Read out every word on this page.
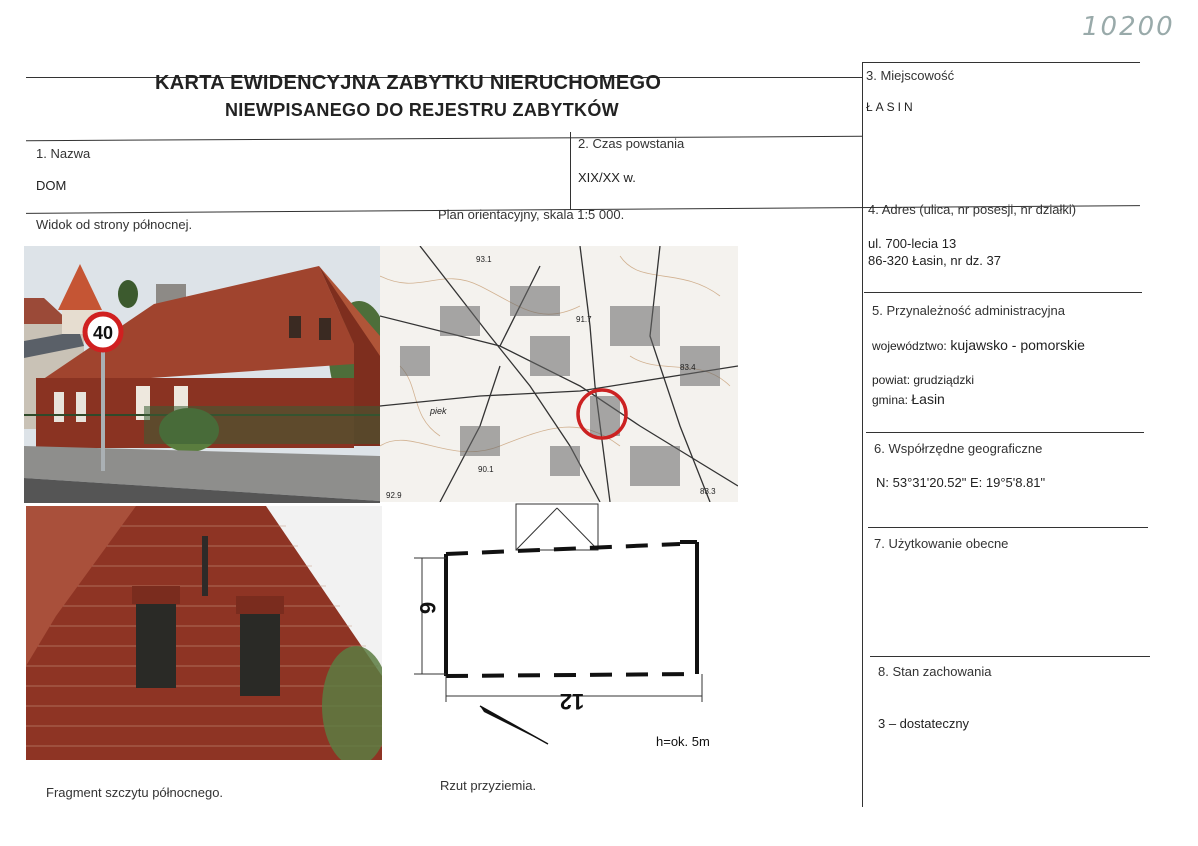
10200
KARTA EWIDENCYJNA ZABYTKU NIERUCHOMEGO
NIEWPISANEGO DO REJESTRU ZABYTKÓW
1. Nazwa
DOM
2. Czas powstania
XIX/XX w.
3. Miejscowość
ŁASIN
4. Adres (ulica, nr posesji, nr działki)
ul. 700-lecia 13
86-320 Łasin, nr dz. 37
5. Przynależność administracyjna
województwo: kujawsko - pomorskie
powiat: grudziądzki
gmina: Łasin
6. Współrzędne geograficzne
N: 53°31'20.52" E: 19°5'8.81"
7. Użytkowanie obecne
8. Stan zachowania
3 – dostateczny
Widok od strony północnej.
Plan orientacyjny, skala 1:5 000.
Fragment szczytu północnego.	Rzut przyziemia.
40
piek
91.7
90.1
92.9
83.4
83.3
93.1
6
12
h=ok. 5m
